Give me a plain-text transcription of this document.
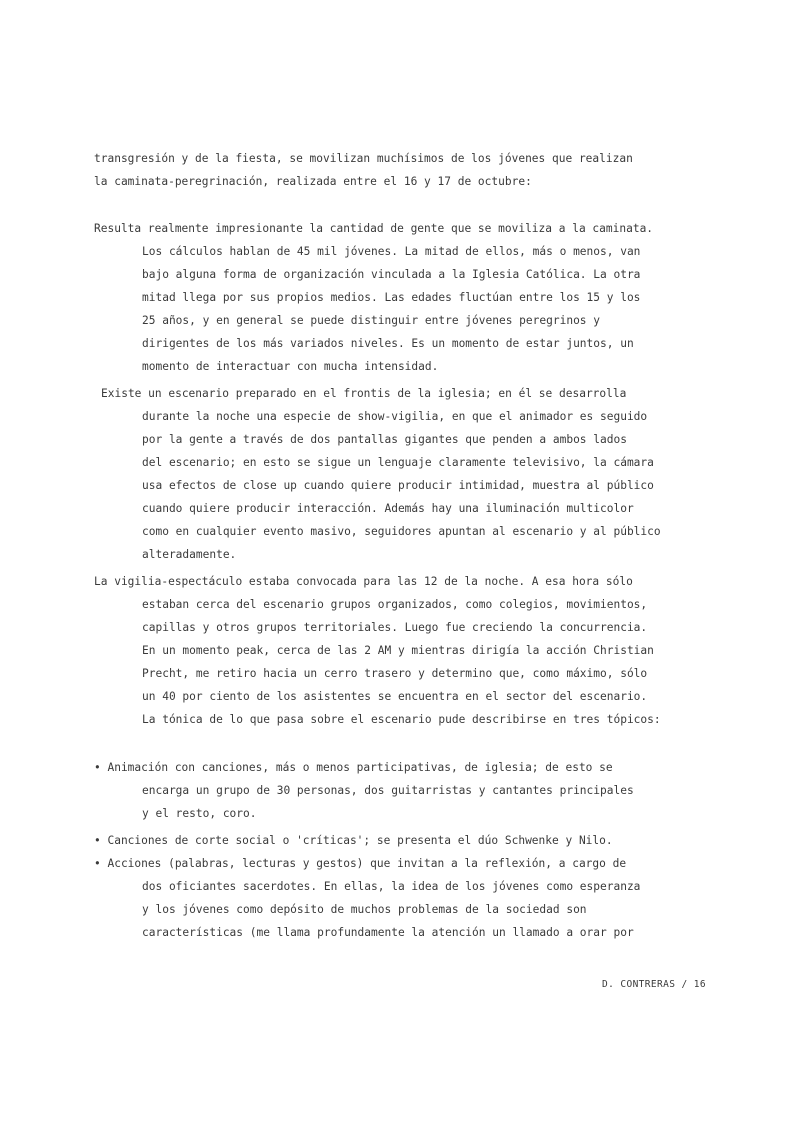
transgresión y de la fiesta, se movilizan muchísimos de los jóvenes que realizan
la caminata-peregrinación, realizada entre el 16 y 17 de octubre:
Resulta realmente impresionante la cantidad de gente que se moviliza a la caminata.
Los cálculos hablan de 45 mil jóvenes. La mitad de ellos, más o menos, van
bajo alguna forma de organización vinculada a la Iglesia Católica. La otra
mitad llega por sus propios medios. Las edades fluctúan entre los 15 y los
25 años, y en general se puede distinguir entre jóvenes peregrinos y
dirigentes de los más variados niveles. Es un momento de estar juntos, un
momento de interactuar con mucha intensidad.
Existe un escenario preparado en el frontis de la iglesia; en él se desarrolla
durante la noche una especie de show-vigilia, en que el animador es seguido
por la gente a través de dos pantallas gigantes que penden a ambos lados
del escenario; en esto se sigue un lenguaje claramente televisivo, la cámara
usa efectos de close up cuando quiere producir intimidad, muestra al público
cuando quiere producir interacción. Además hay una iluminación multicolor
como en cualquier evento masivo, seguidores apuntan al escenario y al público
alteradamente.
La vigilia-espectáculo estaba convocada para las 12 de la noche. A esa hora sólo
estaban cerca del escenario grupos organizados, como colegios, movimientos,
capillas y otros grupos territoriales. Luego fue creciendo la concurrencia.
En un momento peak, cerca de las 2 AM y mientras dirigía la acción Christian
Precht, me retiro hacia un cerro trasero y determino que, como máximo, sólo
un 40 por ciento de los asistentes se encuentra en el sector del escenario.
La tónica de lo que pasa sobre el escenario pude describirse en tres tópicos:
• Animación con canciones, más o menos participativas, de iglesia; de esto se
encarga un grupo de 30 personas, dos guitarristas y cantantes principales
y el resto, coro.
• Canciones de corte social o 'críticas'; se presenta el dúo Schwenke y Nilo.
• Acciones (palabras, lecturas y gestos) que invitan a la reflexión, a cargo de
dos oficiantes sacerdotes. En ellas, la idea de los jóvenes como esperanza
y los jóvenes como depósito de muchos problemas de la sociedad son
características (me llama profundamente la atención un llamado a orar por
D. CONTRERAS / 16
